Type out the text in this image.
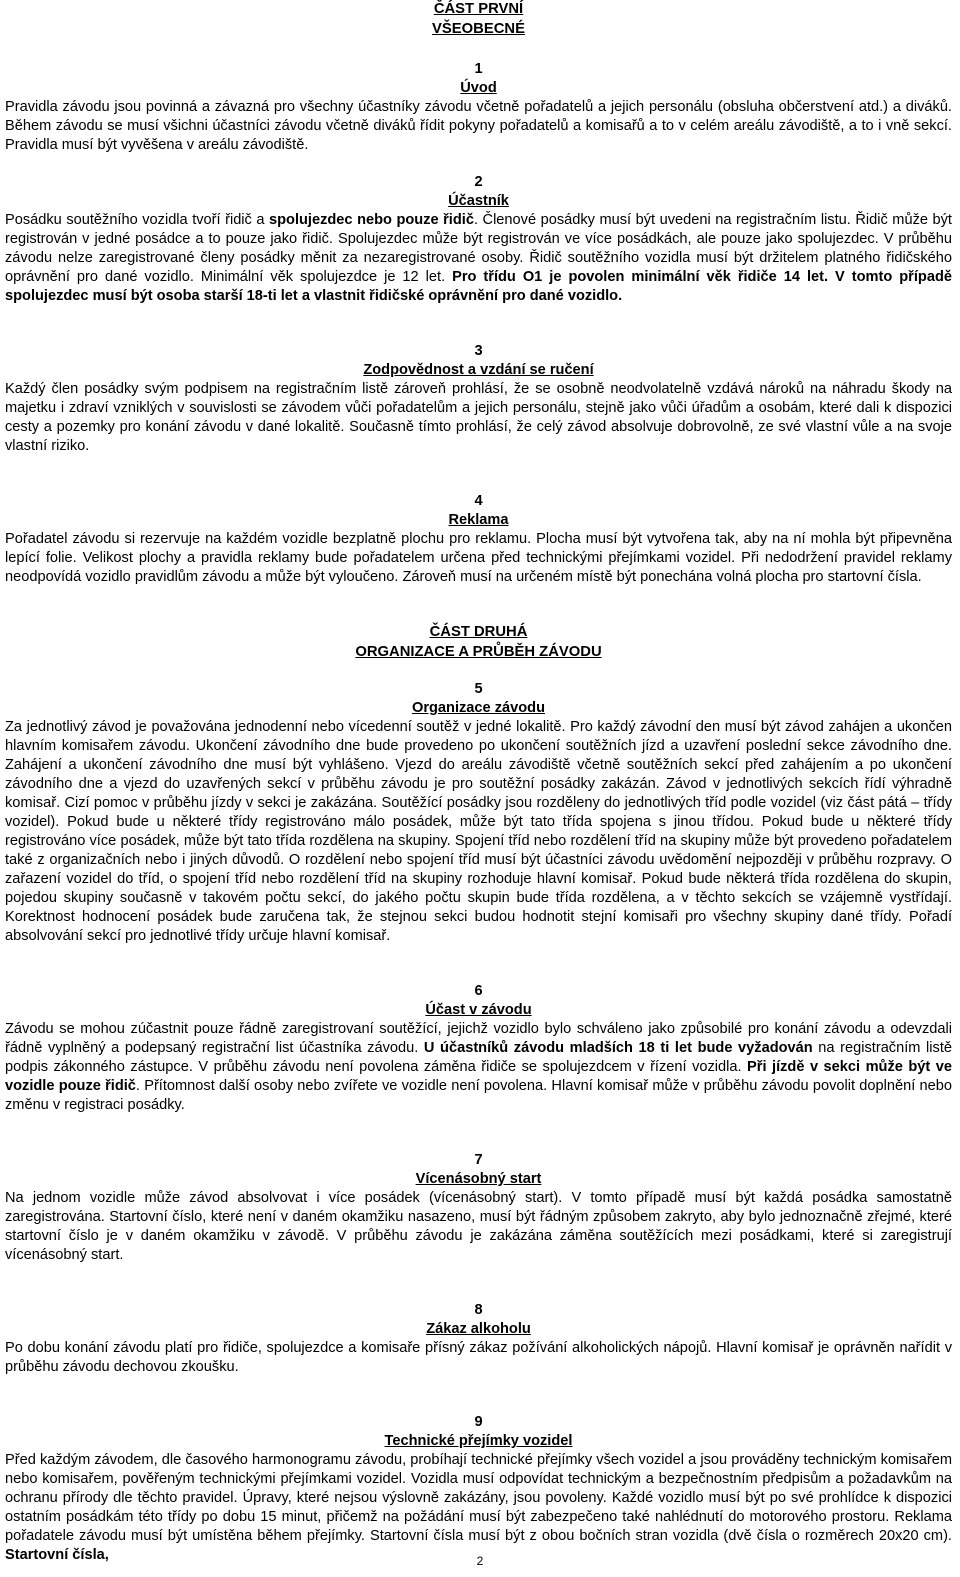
ČÁST PRVNÍ
VŠEOBECNÉ
1
Úvod
Pravidla závodu jsou povinná a závazná pro všechny účastníky závodu včetně pořadatelů a jejich personálu (obsluha občerstvení atd.) a diváků. Během závodu se musí všichni účastníci závodu včetně diváků řídit pokyny pořadatelů a komisařů a to v celém areálu závodiště, a to i vně sekcí. Pravidla musí být vyvěšena v areálu závodiště.
2
Účastník
Posádku soutěžního vozidla tvoří řidič a spolujezdec nebo pouze řidič. Členové posádky musí být uvedeni na registračním listu. Řidič může být registrován v jedné posádce a to pouze jako řidič. Spolujezdec může být registrován ve více posádkách, ale pouze jako spolujezdec. V průběhu závodu nelze zaregistrované členy posádky měnit za nezaregistrované osoby. Řidič soutěžního vozidla musí být držitelem platného řidičského oprávnění pro dané vozidlo. Minimální věk spolujezdce je 12 let. Pro třídu O1 je povolen minimální věk řidiče 14 let. V tomto případě spolujezdec musí být osoba starší 18-ti let a vlastnit řidičské oprávnění pro dané vozidlo.
3
Zodpovědnost a vzdání se ručení
Každý člen posádky svým podpisem na registračním listě zároveň prohlásí, že se osobně neodvolatelně vzdává nároků na náhradu škody na majetku i zdraví vzniklých v souvislosti se závodem vůči pořadatelům a jejich personálu, stejně jako vůči úřadům a osobám, které dali k dispozici cesty a pozemky pro konání závodu v dané lokalitě. Současně tímto prohlásí, že celý závod absolvuje dobrovolně, ze své vlastní vůle a na svoje vlastní riziko.
4
Reklama
Pořadatel závodu si rezervuje na každém vozidle bezplatně plochu pro reklamu. Plocha musí být vytvořena tak, aby na ní mohla být připevněna lepící folie. Velikost plochy a pravidla reklamy bude pořadatelem určena před technickými přejímkami vozidel. Při nedodržení pravidel reklamy neodpovídá vozidlo pravidlům závodu a může být vyloučeno. Zároveň musí na určeném místě být ponechána volná plocha pro startovní čísla.
ČÁST DRUHÁ
ORGANIZACE A PRŮBĚH ZÁVODU
5
Organizace závodu
Za jednotlivý závod je považována jednodenní nebo vícedenní soutěž v jedné lokalitě. Pro každý závodní den musí být závod zahájen a ukončen hlavním komisařem závodu. Ukončení závodního dne bude provedeno po ukončení soutěžních jízd a uzavření poslední sekce závodního dne. Zahájení a ukončení závodního dne musí být vyhlášeno. Vjezd do areálu závodiště včetně soutěžních sekcí před zahájením a po ukončení závodního dne a vjezd do uzavřených sekcí v průběhu závodu je pro soutěžní posádky zakázán. Závod v jednotlivých sekcích řídí výhradně komisař. Cizí pomoc v průběhu jízdy v sekci je zakázána. Soutěžící posádky jsou rozděleny do jednotlivých tříd podle vozidel (viz část pátá – třídy vozidel). Pokud bude u některé třídy registrováno málo posádek, může být tato třída spojena s jinou třídou. Pokud bude u některé třídy registrováno více posádek, může být tato třída rozdělena na skupiny. Spojení tříd nebo rozdělení tříd na skupiny může být provedeno pořadatelem také z organizačních nebo i jiných důvodů. O rozdělení nebo spojení tříd musí být účastníci závodu uvědomění nejpozději v průběhu rozpravy. O zařazení vozidel do tříd, o spojení tříd nebo rozdělení tříd na skupiny rozhoduje hlavní komisař. Pokud bude některá třída rozdělena do skupin, pojedou skupiny současně v takovém počtu sekcí, do jakého počtu skupin bude třída rozdělena, a v těchto sekcích se vzájemně vystřídají. Korektnost hodnocení posádek bude zaručena tak, že stejnou sekci budou hodnotit stejní komisaři pro všechny skupiny dané třídy. Pořadí absolvování sekcí pro jednotlivé třídy určuje hlavní komisař.
6
Účast v závodu
Závodu se mohou zúčastnit pouze řádně zaregistrovaní soutěžící, jejichž vozidlo bylo schváleno jako způsobilé pro konání závodu a odevzdali řádně vyplněný a podepsaný registrační list účastníka závodu. U účastníků závodu mladších 18 ti let bude vyžadován na registračním listě podpis zákonného zástupce. V průběhu závodu není povolena záměna řidiče se spolujezdcem v řízení vozidla. Při jízdě v sekci může být ve vozidle pouze řidič. Přítomnost další osoby nebo zvířete ve vozidle není povolena. Hlavní komisař může v průběhu závodu povolit doplnění nebo změnu v registraci posádky.
7
Vícenásobný start
Na jednom vozidle může závod absolvovat i více posádek (vícenásobný start). V tomto případě musí být každá posádka samostatně zaregistrována. Startovní číslo, které není v daném okamžiku nasazeno, musí být řádným způsobem zakryto, aby bylo jednoznačně zřejmé, které startovní číslo je v daném okamžiku v závodě. V průběhu závodu je zakázána záměna soutěžících mezi posádkami, které si zaregistrují vícenásobný start.
8
Zákaz alkoholu
Po dobu konání závodu platí pro řidiče, spolujezdce a komisaře přísný zákaz požívání alkoholických nápojů. Hlavní komisař je oprávněn nařídit v průběhu závodu dechovou zkoušku.
9
Technické přejímky vozidel
Před každým závodem, dle časového harmonogramu závodu, probíhají technické přejímky všech vozidel a jsou prováděny technickým komisařem nebo komisařem, pověřeným technickými přejímkami vozidel. Vozidla musí odpovídat technickým a bezpečnostním předpisům a požadavkům na ochranu přírody dle těchto pravidel. Úpravy, které nejsou výslovně zakázány, jsou povoleny. Každé vozidlo musí být po své prohlídce k dispozici ostatním posádkám této třídy po dobu 15 minut, přičemž na požádání musí být zabezpečeno také nahlédnutí do motorového prostoru. Reklama pořadatele závodu musí být umístěna během přejímky. Startovní čísla musí být z obou bočních stran vozidla (dvě čísla o rozměrech 20x20 cm). Startovní čísla,	2
